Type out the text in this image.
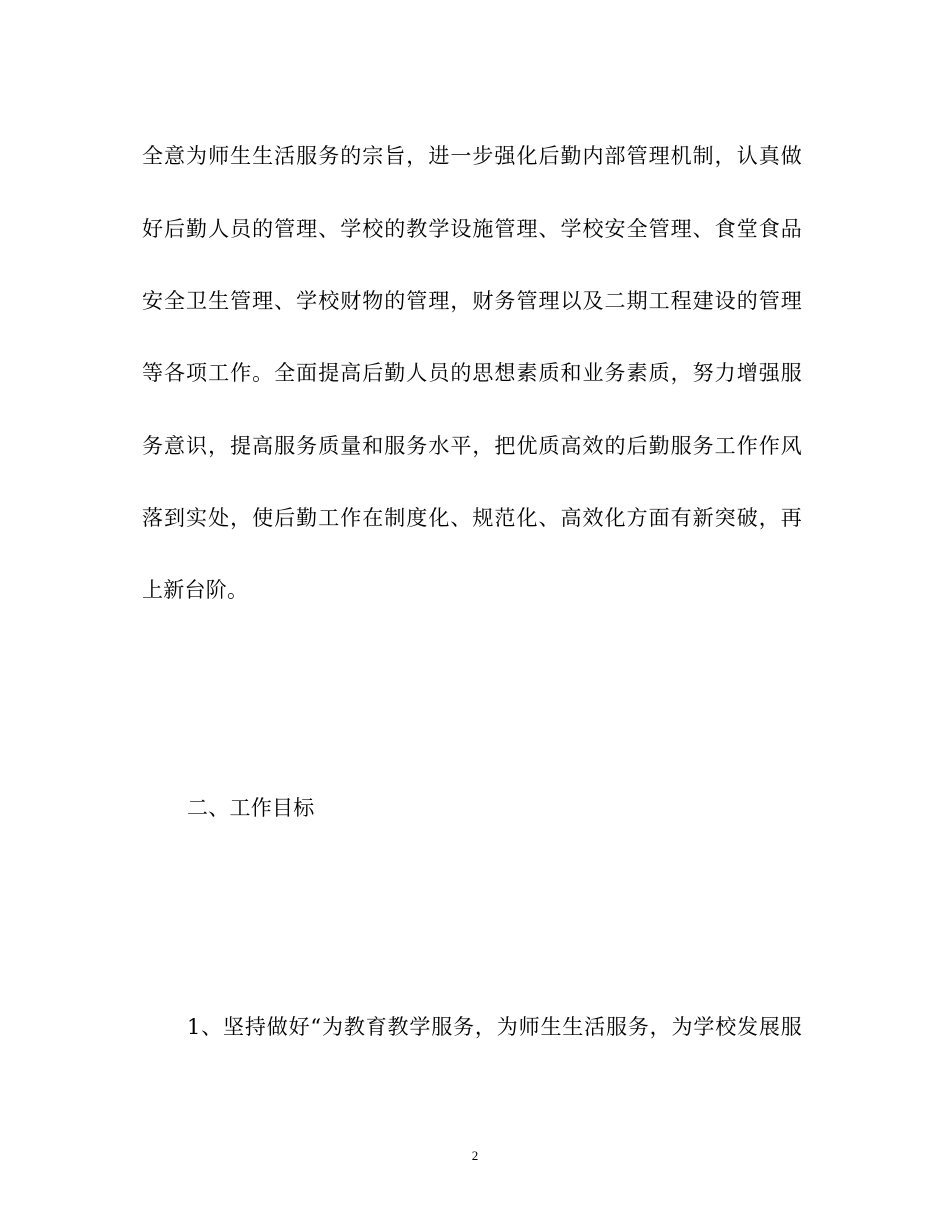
全意为师生生活服务的宗旨，进一步强化后勤内部管理机制，认真做
好后勤人员的管理、学校的教学设施管理、学校安全管理、食堂食品
安全卫生管理、学校财物的管理，财务管理以及二期工程建设的管理
等各项工作。全面提高后勤人员的思想素质和业务素质，努力增强服
务意识，提高服务质量和服务水平，把优质高效的后勤服务工作作风
落到实处，使后勤工作在制度化、规范化、高效化方面有新突破，再
上新台阶。
二、工作目标
1、坚持做好“为教育教学服务，为师生生活服务，为学校发展服
2
